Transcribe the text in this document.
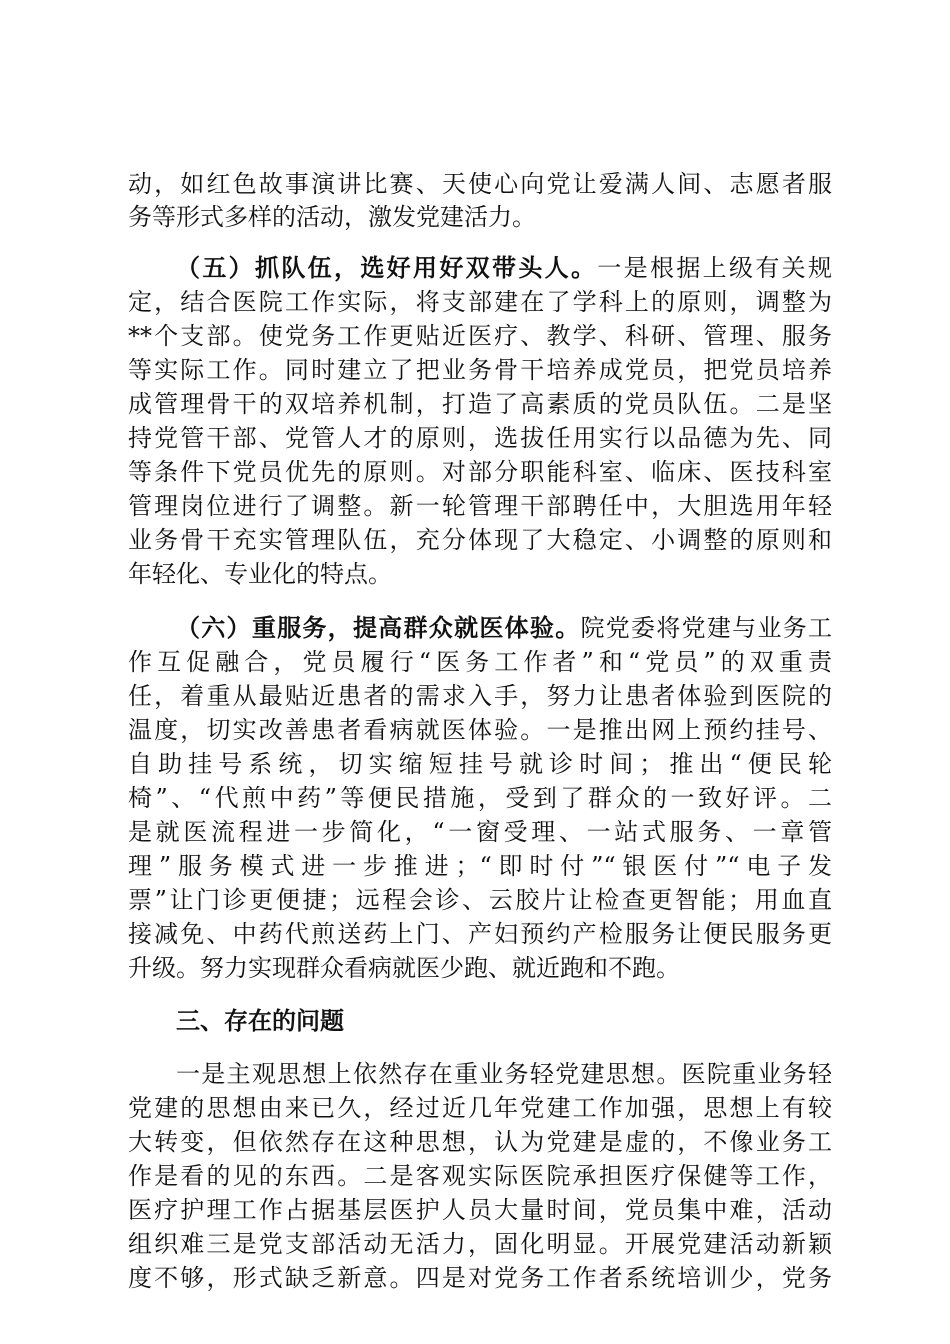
动，如红色故事演讲比赛、天使心向党让爱满人间、志愿者服
务等形式多样的活动，激发党建活力。
（五）抓队伍，选好用好双带头人。一是根据上级有关规
定，结合医院工作实际，将支部建在了学科上的原则，调整为
**个支部。使党务工作更贴近医疗、教学、科研、管理、服务
等实际工作。同时建立了把业务骨干培养成党员，把党员培养
成管理骨干的双培养机制，打造了高素质的党员队伍。二是坚
持党管干部、党管人才的原则，选拔任用实行以品德为先、同
等条件下党员优先的原则。对部分职能科室、临床、医技科室
管理岗位进行了调整。新一轮管理干部聘任中，大胆选用年轻
业务骨干充实管理队伍，充分体现了大稳定、小调整的原则和
年轻化、专业化的特点。
（六）重服务，提高群众就医体验。院党委将党建与业务工
作互促融合，党员履行“医务工作者”和“党员”的双重责
任，着重从最贴近患者的需求入手，努力让患者体验到医院的
温度，切实改善患者看病就医体验。一是推出网上预约挂号、
自助挂号系统，切实缩短挂号就诊时间；推出“便民轮
椅”、“代煎中药”等便民措施，受到了群众的一致好评。二
是就医流程进一步简化，“一窗受理、一站式服务、一章管
理”服务模式进一步推进；“即时付”“银医付”“电子发
票”让门诊更便捷；远程会诊、云胶片让检查更智能；用血直
接减免、中药代煎送药上门、产妇预约产检服务让便民服务更
升级。努力实现群众看病就医少跑、就近跑和不跑。
三、存在的问题
一是主观思想上依然存在重业务轻党建思想。医院重业务轻
党建的思想由来已久，经过近几年党建工作加强，思想上有较
大转变，但依然存在这种思想，认为党建是虚的，不像业务工
作是看的见的东西。二是客观实际医院承担医疗保健等工作，
医疗护理工作占据基层医护人员大量时间，党员集中难，活动
组织难三是党支部活动无活力，固化明显。开展党建活动新颖
度不够，形式缺乏新意。四是对党务工作者系统培训少，党务
